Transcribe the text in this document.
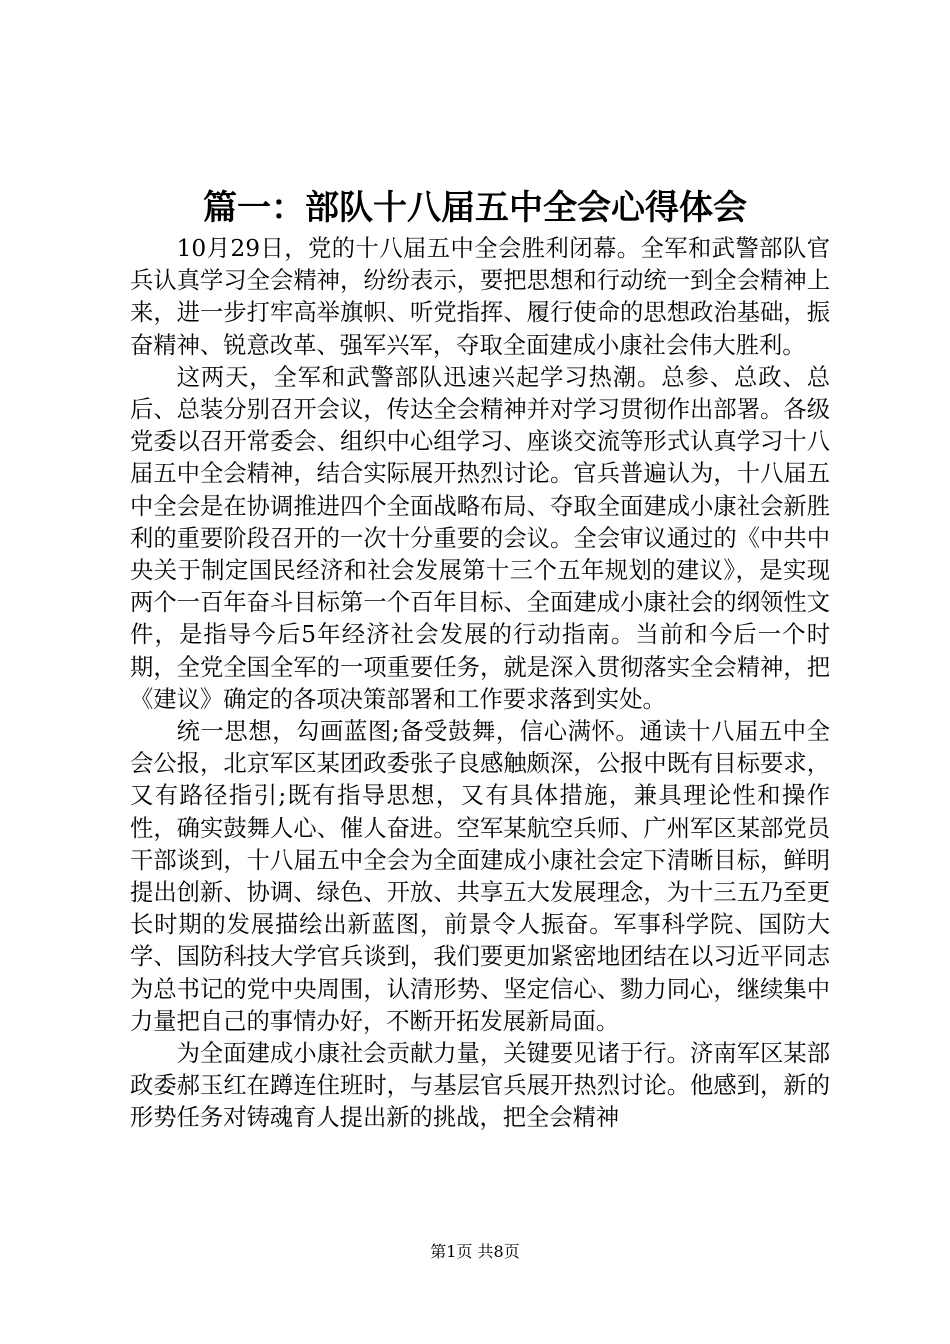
篇一：部队十八届五中全会心得体会

10月29日，党的十八届五中全会胜利闭幕。全军和武警部队官兵认真学习全会精神，纷纷表示，要把思想和行动统一到全会精神上来，进一步打牢高举旗帜、听党指挥、履行使命的思想政治基础，振奋精神、锐意改革、强军兴军，夺取全面建成小康社会伟大胜利。

这两天，全军和武警部队迅速兴起学习热潮。总参、总政、总后、总装分别召开会议，传达全会精神并对学习贯彻作出部署。各级党委以召开常委会、组织中心组学习、座谈交流等形式认真学习十八届五中全会精神，结合实际展开热烈讨论。官兵普遍认为，十八届五中全会是在协调推进四个全面战略布局、夺取全面建成小康社会新胜利的重要阶段召开的一次十分重要的会议。全会审议通过的《中共中央关于制定国民经济和社会发展第十三个五年规划的建议》，是实现两个一百年奋斗目标第一个百年目标、全面建成小康社会的纲领性文件，是指导今后5年经济社会发展的行动指南。当前和今后一个时期，全党全国全军的一项重要任务，就是深入贯彻落实全会精神，把《建议》确定的各项决策部署和工作要求落到实处。

统一思想，勾画蓝图;备受鼓舞，信心满怀。通读十八届五中全会公报，北京军区某团政委张子良感触颇深，公报中既有目标要求，又有路径指引;既有指导思想，又有具体措施，兼具理论性和操作性，确实鼓舞人心、催人奋进。空军某航空兵师、广州军区某部党员干部谈到，十八届五中全会为全面建成小康社会定下清晰目标，鲜明提出创新、协调、绿色、开放、共享五大发展理念，为十三五乃至更长时期的发展描绘出新蓝图，前景令人振奋。军事科学院、国防大学、国防科技大学官兵谈到，我们要更加紧密地团结在以习近平同志为总书记的党中央周围，认清形势、坚定信心、勠力同心，继续集中力量把自己的事情办好，不断开拓发展新局面。

为全面建成小康社会贡献力量，关键要见诸于行。济南军区某部政委郝玉红在蹲连住班时，与基层官兵展开热烈讨论。他感到，新的形势任务对铸魂育人提出新的挑战，把全会精神

第1页 共8页
